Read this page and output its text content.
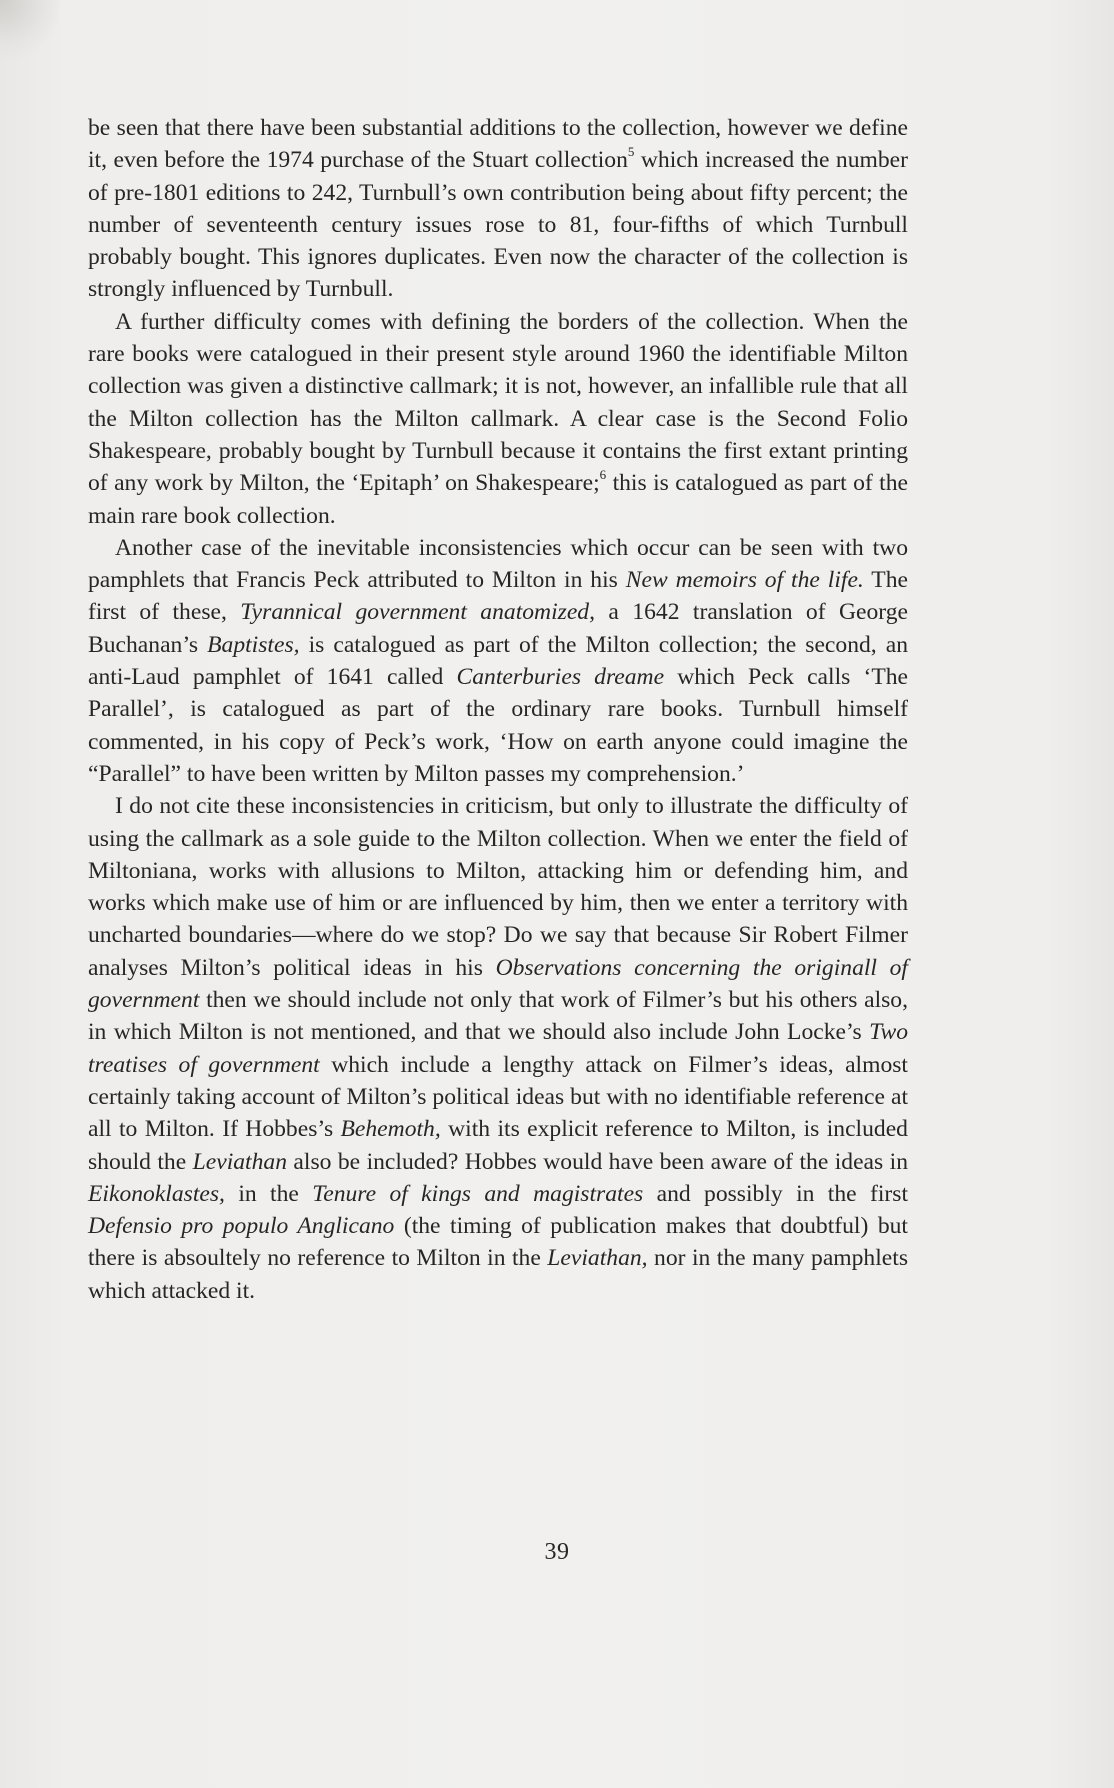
be seen that there have been substantial additions to the collection, however we define it, even before the 1974 purchase of the Stuart collection$^5$ which increased the number of pre-1801 editions to 242, Turnbull’s own contribution being about fifty percent; the number of seventeenth century issues rose to 81, four-fifths of which Turnbull probably bought. This ignores duplicates. Even now the character of the collection is strongly influenced by Turnbull.

A further difficulty comes with defining the borders of the collection. When the rare books were catalogued in their present style around 1960 the identifiable Milton collection was given a distinctive callmark; it is not, however, an infallible rule that all the Milton collection has the Milton callmark. A clear case is the Second Folio Shakespeare, probably bought by Turnbull because it contains the first extant printing of any work by Milton, the ‘Epitaph’ on Shakespeare;$^6$ this is catalogued as part of the main rare book collection.

Another case of the inevitable inconsistencies which occur can be seen with two pamphlets that Francis Peck attributed to Milton in his New memoirs of the life. The first of these, Tyrannical government anatomized, a 1642 translation of George Buchanan’s Baptistes, is catalogued as part of the Milton collection; the second, an anti-Laud pamphlet of 1641 called Canterburies dreame which Peck calls ‘The Parallel’, is catalogued as part of the ordinary rare books. Turnbull himself commented, in his copy of Peck’s work, ‘How on earth anyone could imagine the “Parallel” to have been written by Milton passes my comprehension.’

I do not cite these inconsistencies in criticism, but only to illustrate the difficulty of using the callmark as a sole guide to the Milton collection. When we enter the field of Miltoniana, works with allusions to Milton, attacking him or defending him, and works which make use of him or are influenced by him, then we enter a territory with uncharted boundaries—where do we stop? Do we say that because Sir Robert Filmer analyses Milton’s political ideas in his Observations concerning the originall of government then we should include not only that work of Filmer’s but his others also, in which Milton is not mentioned, and that we should also include John Locke’s Two treatises of government which include a lengthy attack on Filmer’s ideas, almost certainly taking account of Milton’s political ideas but with no identifiable reference at all to Milton. If Hobbes’s Behemoth, with its explicit reference to Milton, is included should the Leviathan also be included? Hobbes would have been aware of the ideas in Eikonoklastes, in the Tenure of kings and magistrates and possibly in the first Defensio pro populo Anglicano (the timing of publication makes that doubtful) but there is absoultely no reference to Milton in the Leviathan, nor in the many pamphlets which attacked it.

39
